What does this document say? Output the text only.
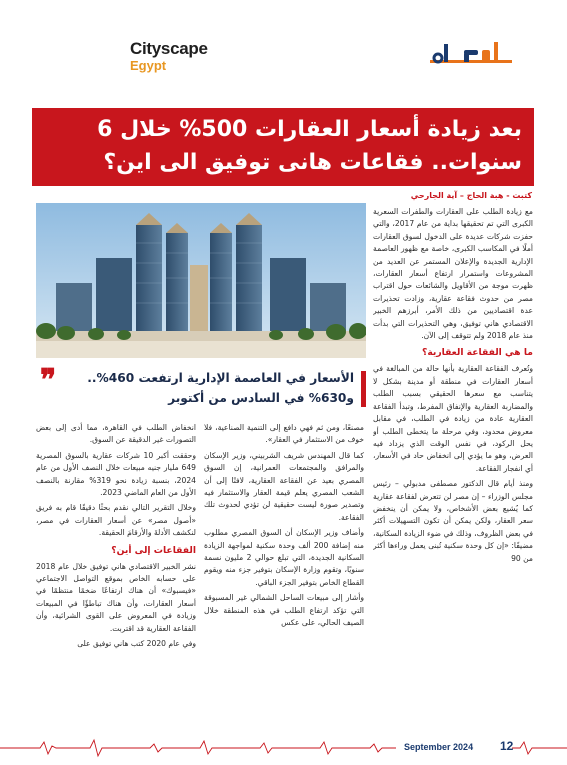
Cityscape
Egypt
بعد زيادة أسعار العقارات 500% خلال 6
سنوات.. فقاعات هانى توفيق الى اين؟
كتبت - هبة الحاج – آية الجارحي

مع زيادة الطلب على العقارات والطفرات السعرية الكبرى التي تم تحقيقها بداية من عام 2017، والتي حفزت شركات عديدة على الدخول لسوق العقارات أملًا في المكاسب الكبرى، خاصة مع ظهور العاصمة الإدارية الجديدة والإعلان المستمر عن العديد من المشروعات واستمرار ارتفاع أسعار العقارات، ظهرت موجة من الأقاويل والشائعات حول اقتراب مصر من حدوث فقاعة عقارية، وزادت تحذيرات عدة اقتصاديين من ذلك الأمر، أبرزهم الخبير الاقتصادي هاني توفيق، وهي التحذيرات التي بدأت منذ عام 2018 ولم تتوقف إلى الآن.

ما هي الفقاعة العقارية؟

وتُعرف الفقاعة العقارية بأنها حالة من المبالغة في أسعار العقارات في منطقة أو مدينة بشكل لا يتناسب مع سعرها الحقيقي بسبب الطلب والمضاربة العقارية والإنفاق المفرط، وتبدأ الفقاعة العقارية عادة من زيادة في الطلب، في مقابل معروض محدود، وفي مرحلة ما يتخطى الطلب أو يحل الركود، في نفس الوقت الذي يزداد فيه العرض، وهو ما يؤدي إلى انخفاض حاد في الأسعار، أي انفجار الفقاعة.

ومنذ أيام قال الدكتور مصطفى مدبولي – رئيس مجلس الوزراء – إن مصر لن تتعرض لفقاعة عقارية كما يُشيع بعض الأشخاص، ولا يمكن أن ينخفض سعر العقار، ولكن يمكن أن تكون التسهيلات أكثر في بعض الظروف، وذلك في ضوء الزيادة السكانية، مضيفًا: «إن كل وحدة سكنية تُبنى يعمل وراءها أكثر من 90

❞	الأسعار في العاصمة الإدارية ارتفعت 460%..
و630% في السادس من أكتوبر

مصنعًا، ومن ثم فهي دافع إلى التنمية الصناعية، فلا خوف من الاستثمار في العقار».

كما قال المهندس شريف الشربيني، وزير الإسكان والمرافق والمجتمعات العمرانية، إن السوق المصري بعيد عن الفقاعة العقارية، لافتًا إلى أن الشعب المصري يعلم قيمة العقار والاستثمار فيه وتصدير صورة ليست حقيقية لن تؤدي لحدوث تلك الفقاعة.

وأضاف وزير الإسكان أن السوق المصري مطلوب منه إضافة 200 ألف وحدة سكنية لمواجهة الزيادة السكانية الجديدة، التي تبلغ حوالي 2 مليون نسمة سنويًا، وتقوم وزارة الإسكان بتوفير جزء منه ويقوم القطاع الخاص بتوفير الجزء الباقي.

وأشار إلى مبيعات الساحل الشمالي غير المسبوقة التي تؤكد ارتفاع الطلب في هذه المنطقة خلال الصيف الحالي، على عكس

انخفاض الطلب في القاهرة، مما أدى إلى بعض التصورات غير الدقيقة عن السوق.

وحققت أكبر 10 شركات عقارية بالسوق المصرية 649 مليار جنيه مبيعات خلال النصف الأول من عام 2024، بنسبة زيادة نحو 319% مقارنة بالنصف الأول من العام الماضي 2023.

وخلال التقرير التالي نقدم بحثًا دقيقًا قام به فريق «أصول مصر» عن أسعار العقارات في مصر، لنكشف الأدلةَ والأرقامَ الحقيقة.

الفقاعات إلى أين؟

نشر الخبير الاقتصادي هاني توفيق خلال عام 2018 على حسابه الخاص بموقع التواصل الاجتماعي «فيسبوك» أن هناك ارتفاعًا ضخمًا منتظمًا في أسعار العقارات، وأن هناك تباطؤًا في المبيعات وزيادة في المعروض على القوى الشرائية، وأن الفقاعة العقارية قد اقتربت.

وفي عام 2020 كتب هاني توفيق على

September 2024 12
